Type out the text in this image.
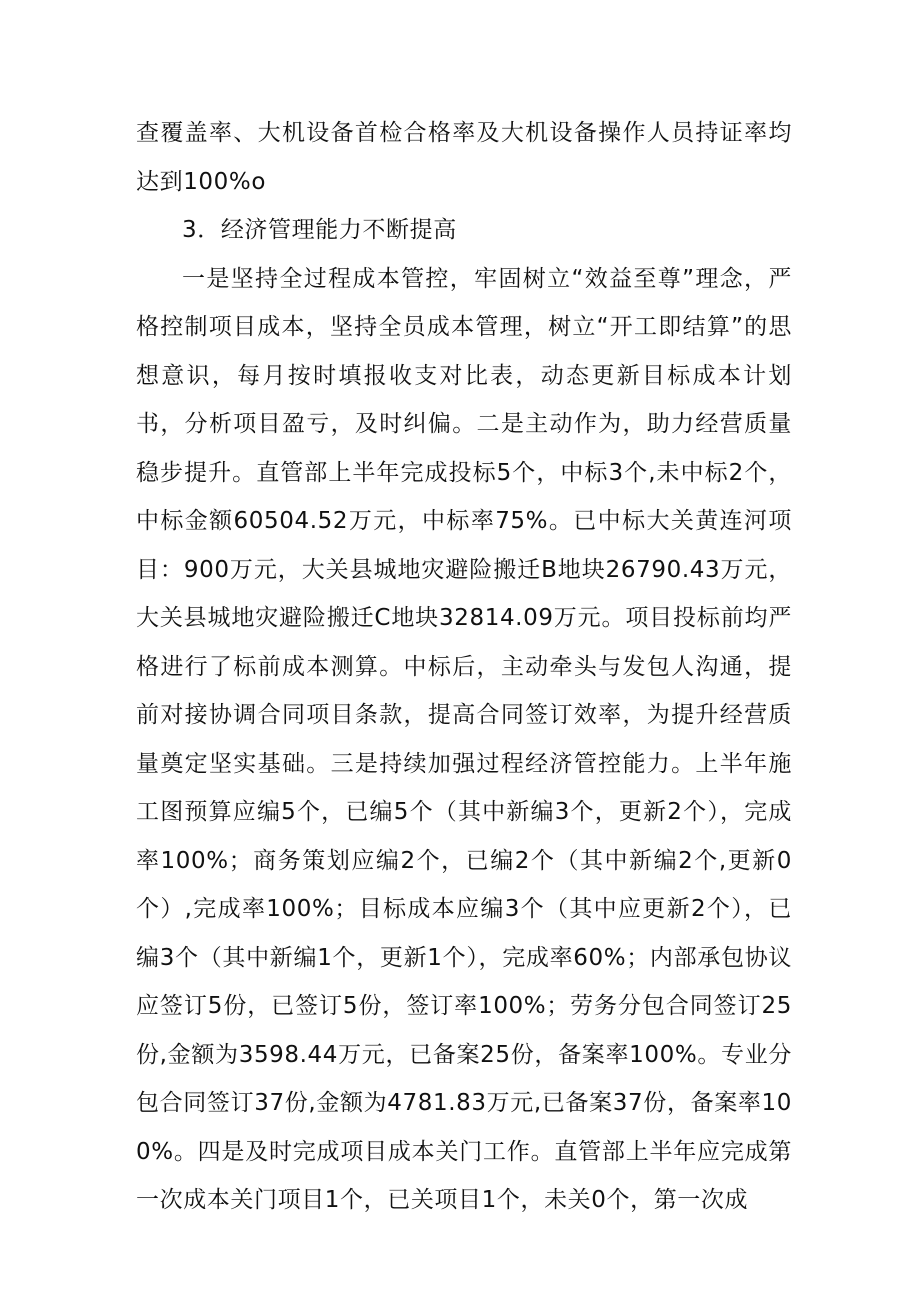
查覆盖率、大机设备首检合格率及大机设备操作人员持证率均达到100%o

3．经济管理能力不断提高

一是坚持全过程成本管控，牢固树立“效益至尊”理念，严格控制项目成本，坚持全员成本管理，树立“开工即结算”的思想意识，每月按时填报收支对比表，动态更新目标成本计划书，分析项目盈亏，及时纠偏。二是主动作为，助力经营质量稳步提升。直管部上半年完成投标5个，中标3个,未中标2个，中标金额60504.52万元，中标率75%。已中标大关黄连河项目：900万元，大关县城地灾避险搬迁B地块26790.43万元，大关县城地灾避险搬迁C地块32814.09万元。项目投标前均严格进行了标前成本测算。中标后，主动牵头与发包人沟通，提前对接协调合同项目条款，提高合同签订效率，为提升经营质量奠定坚实基础。三是持续加强过程经济管控能力。上半年施工图预算应编5个，已编5个（其中新编3个，更新2个），完成率100%；商务策划应编2个，已编2个（其中新编2个,更新0个）,完成率100%；目标成本应编3个（其中应更新2个），已编3个（其中新编1个，更新1个），完成率60%；内部承包协议应签订5份，已签订5份，签订率100%；劳务分包合同签订25份,金额为3598.44万元，已备案25份，备案率100%。专业分包合同签订37份,金额为4781.83万元,已备案37份，备案率100%。四是及时完成项目成本关门工作。直管部上半年应完成第一次成本关门项目1个，已关项目1个，未关0个，第一次成
